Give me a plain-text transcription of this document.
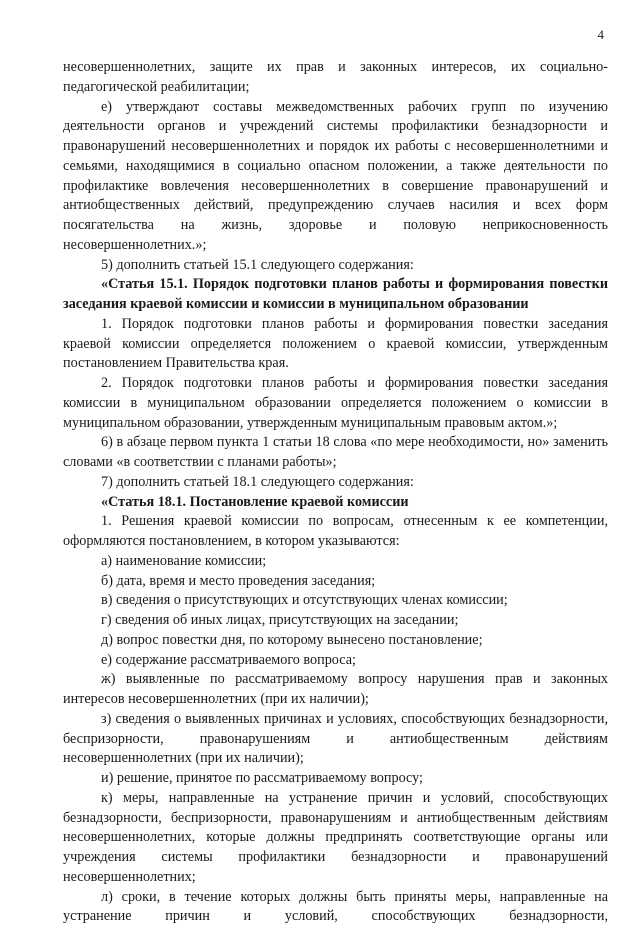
4

несовершеннолетних, защите их прав и законных интересов, их социально-педагогической реабилитации;

е) утверждают составы межведомственных рабочих групп по изучению деятельности органов и учреждений системы профилактики безнадзорности и правонарушений несовершеннолетних и порядок их работы с несовершеннолетними и семьями, находящимися в социально опасном положении, а также деятельности по профилактике вовлечения несовершеннолетних в совершение правонарушений и антиобщественных действий, предупреждению случаев насилия и всех форм посягательства на жизнь, здоровье и половую неприкосновенность несовершеннолетних.»;

5) дополнить статьей 15.1 следующего содержания:

«Статья 15.1. Порядок подготовки планов работы и формирования повестки заседания краевой комиссии и комиссии в муниципальном образовании

1. Порядок подготовки планов работы и формирования повестки заседания краевой комиссии определяется положением о краевой комиссии, утвержденным постановлением Правительства края.

2. Порядок подготовки планов работы и формирования повестки заседания комиссии в муниципальном образовании определяется положением о комиссии в муниципальном образовании, утвержденным муниципальным правовым актом.»;

6) в абзаце первом пункта 1 статьи 18 слова «по мере необходимости, но» заменить словами «в соответствии с планами работы»;

7) дополнить статьей 18.1 следующего содержания:

«Статья 18.1. Постановление краевой комиссии

1. Решения краевой комиссии по вопросам, отнесенным к ее компетенции, оформляются постановлением, в котором указываются:

а) наименование комиссии;

б) дата, время и место проведения заседания;

в) сведения о присутствующих и отсутствующих членах комиссии;

г) сведения об иных лицах, присутствующих на заседании;

д) вопрос повестки дня, по которому вынесено постановление;

е) содержание рассматриваемого вопроса;

ж) выявленные по рассматриваемому вопросу нарушения прав и законных интересов несовершеннолетних (при их наличии);

з) сведения о выявленных причинах и условиях, способствующих безнадзорности, беспризорности, правонарушениям и антиобщественным действиям несовершеннолетних (при их наличии);

и) решение, принятое по рассматриваемому вопросу;

к) меры, направленные на устранение причин и условий, способствующих безнадзорности, беспризорности, правонарушениям и антиобщественным действиям несовершеннолетних, которые должны предпринять соответствующие органы или учреждения системы профилактики безнадзорности и правонарушений несовершеннолетних;

л) сроки, в течение которых должны быть приняты меры, направленные на устранение причин и условий, способствующих безнадзорности,
